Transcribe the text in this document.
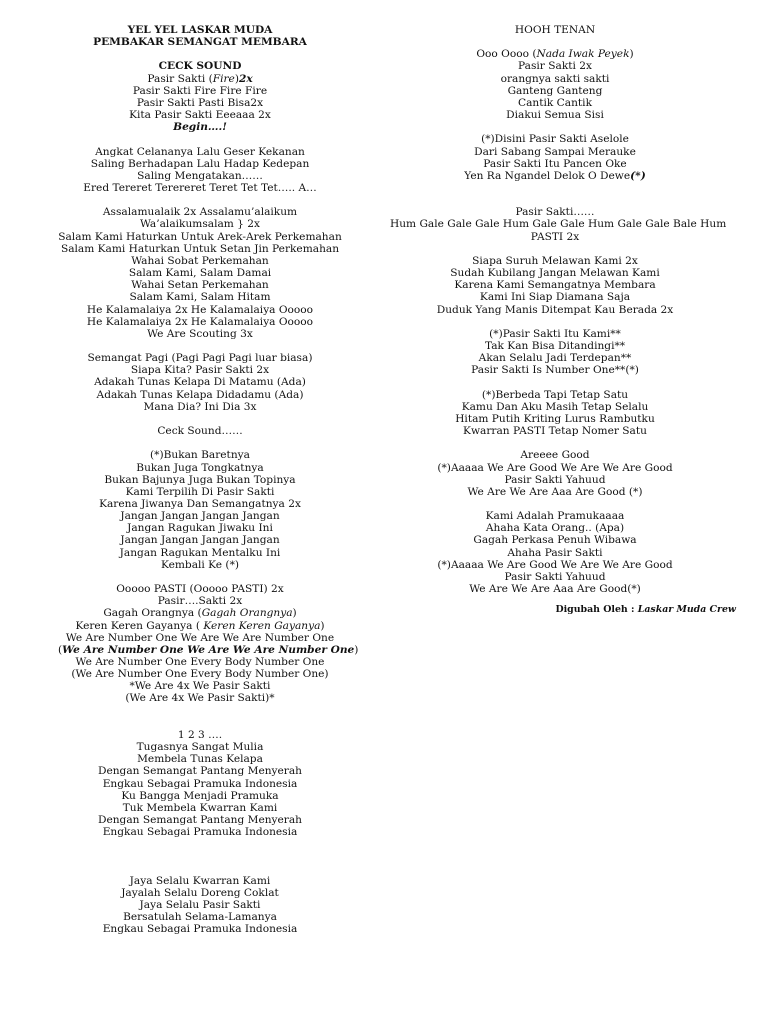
YEL YEL LASKAR MUDA
PEMBAKAR SEMANGAT MEMBARA
CECK SOUND
Pasir Sakti (Fire)2x
Pasir Sakti Fire Fire Fire
Pasir Sakti Pasti Bisa2x
Kita Pasir Sakti Eeeaaa 2x
Begin….!
Angkat Celananya Lalu Geser Kekanan
Saling Berhadapan Lalu Hadap Kedepan
Saling Mengatakan……
Ered Tereret Terereret Teret Tet Tet….. A…
Assalamualaik 2x Assalamu’alaikum
Wa’alaikumsalam } 2x
Salam Kami Haturkan Untuk Arek-Arek Perkemahan
Salam Kami Haturkan Untuk Setan Jin Perkemahan
Wahai Sobat Perkemahan
Salam Kami, Salam Damai
Wahai Setan Perkemahan
Salam Kami, Salam Hitam
He Kalamalaiya 2x He Kalamalaiya Ooooo
He Kalamalaiya 2x He Kalamalaiya Ooooo
We Are Scouting 3x
Semangat Pagi (Pagi Pagi Pagi luar biasa)
Siapa Kita? Pasir Sakti 2x
Adakah Tunas Kelapa Di Matamu (Ada)
Adakah Tunas Kelapa Didadamu (Ada)
Mana Dia? Ini Dia 3x
Ceck Sound……
(*)Bukan Baretnya
Bukan Juga Tongkatnya
Bukan Bajunya Juga Bukan Topinya
Kami Terpilih Di Pasir Sakti
Karena Jiwanya Dan Semangatnya 2x
Jangan Jangan Jangan Jangan
Jangan Ragukan Jiwaku Ini
Jangan Jangan Jangan Jangan
Jangan Ragukan Mentalku Ini
Kembali Ke (*)
Ooooo PASTI (Ooooo PASTI) 2x
Pasir….Sakti 2x
Gagah Orangnya (Gagah Orangnya)
Keren Keren Gayanya ( Keren Keren Gayanya)
We Are Number One We Are We Are Number One
(We Are Number One We Are We Are Number One)
We Are Number One Every Body Number One
(We Are Number One Every Body Number One)
*We Are 4x We Pasir Sakti
(We Are 4x We Pasir Sakti)*
1 2 3 ….
Tugasnya Sangat Mulia
Membela Tunas Kelapa
Dengan Semangat Pantang Menyerah
Engkau Sebagai Pramuka Indonesia
Ku Bangga Menjadi Pramuka
Tuk Membela Kwarran Kami
Dengan Semangat Pantang Menyerah
Engkau Sebagai Pramuka Indonesia
Jaya Selalu Kwarran Kami
Jayalah Selalu Doreng Coklat
Jaya Selalu Pasir Sakti
Bersatulah Selama-Lamanya
Engkau Sebagai Pramuka Indonesia
HOOH TENAN
Ooo Oooo (Nada Iwak Peyek)
Pasir Sakti 2x
orangnya sakti sakti
Ganteng Ganteng
Cantik Cantik
Diakui Semua Sisi
(*)Disini Pasir Sakti Aselole
Dari Sabang Sampai Merauke
Pasir Sakti Itu Pancen Oke
Yen Ra Ngandel Delok O Dewe(*)
Pasir Sakti……
Hum Gale Gale Gale Hum Gale Gale Hum Gale Gale Bale Hum
PASTI 2x
Siapa Suruh Melawan Kami 2x
Sudah Kubilang Jangan Melawan Kami
Karena Kami Semangatnya Membara
Kami Ini Siap Diamana Saja
Duduk Yang Manis Ditempat Kau Berada 2x
(*)Pasir Sakti Itu Kami**
Tak Kan Bisa Ditandingi**
Akan Selalu Jadi Terdepan**
Pasir Sakti Is Number One**(*)
(*)Berbeda Tapi Tetap Satu
Kamu Dan Aku Masih Tetap Selalu
Hitam Putih Kriting Lurus Rambutku
Kwarran PASTI Tetap Nomer Satu
Areeee Good
(*)Aaaaa We Are Good We Are We Are Good
Pasir Sakti Yahuud
We Are We Are Aaa Are Good (*)
Kami Adalah Pramukaaaa
Ahaha Kata Orang.. (Apa)
Gagah Perkasa Penuh Wibawa
Ahaha Pasir Sakti
(*)Aaaaa We Are Good We Are We Are Good
Pasir Sakti Yahuud
We Are We Are Aaa Are Good(*)
Digubah Oleh : Laskar Muda Crew
